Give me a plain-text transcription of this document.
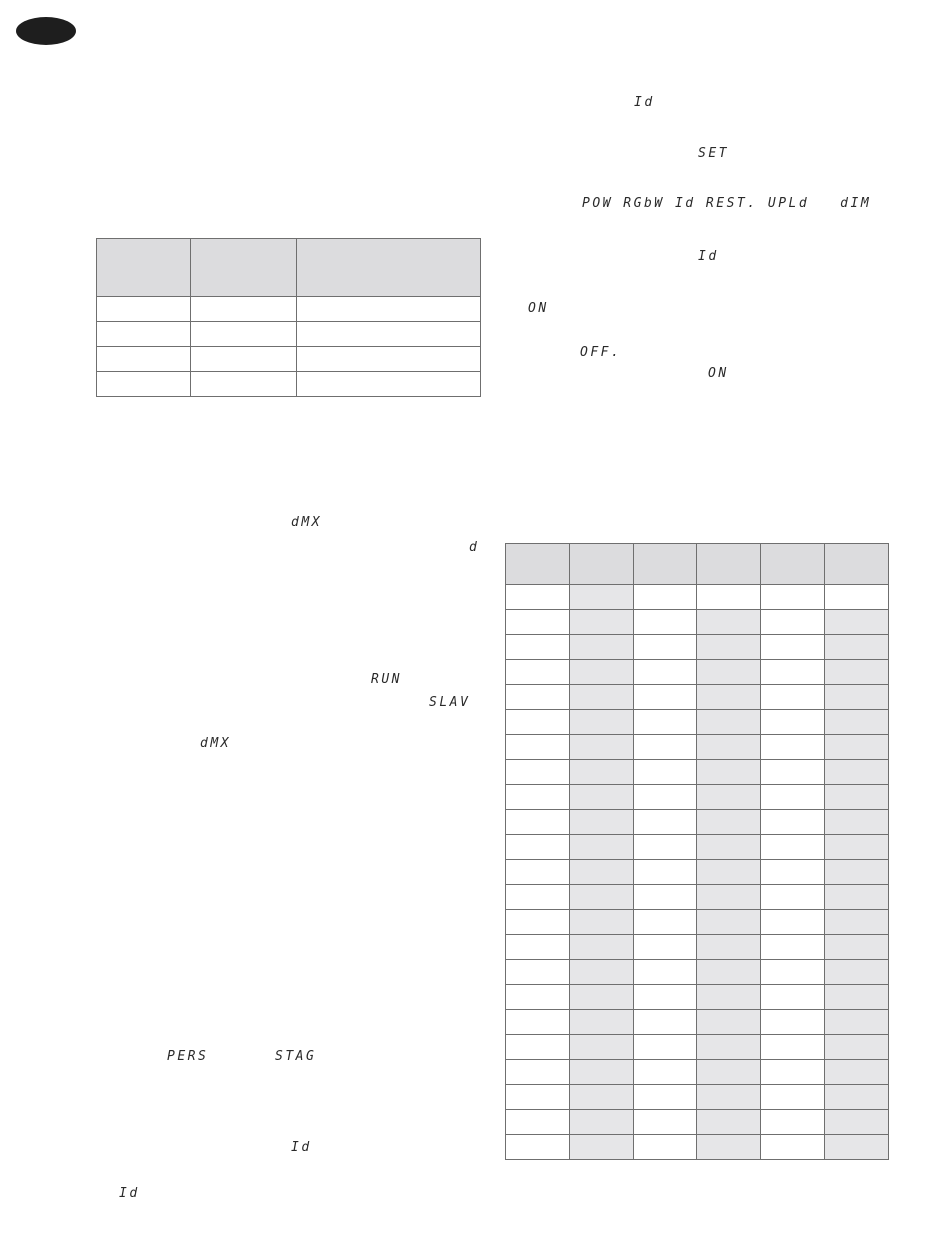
dMX
d
RUN
SLAV
dMX
PERS	STAG
Id
Id
Id
SET
POW RGbW Id REST. UPLd   dIM
Id
ON
OFF.
ON
